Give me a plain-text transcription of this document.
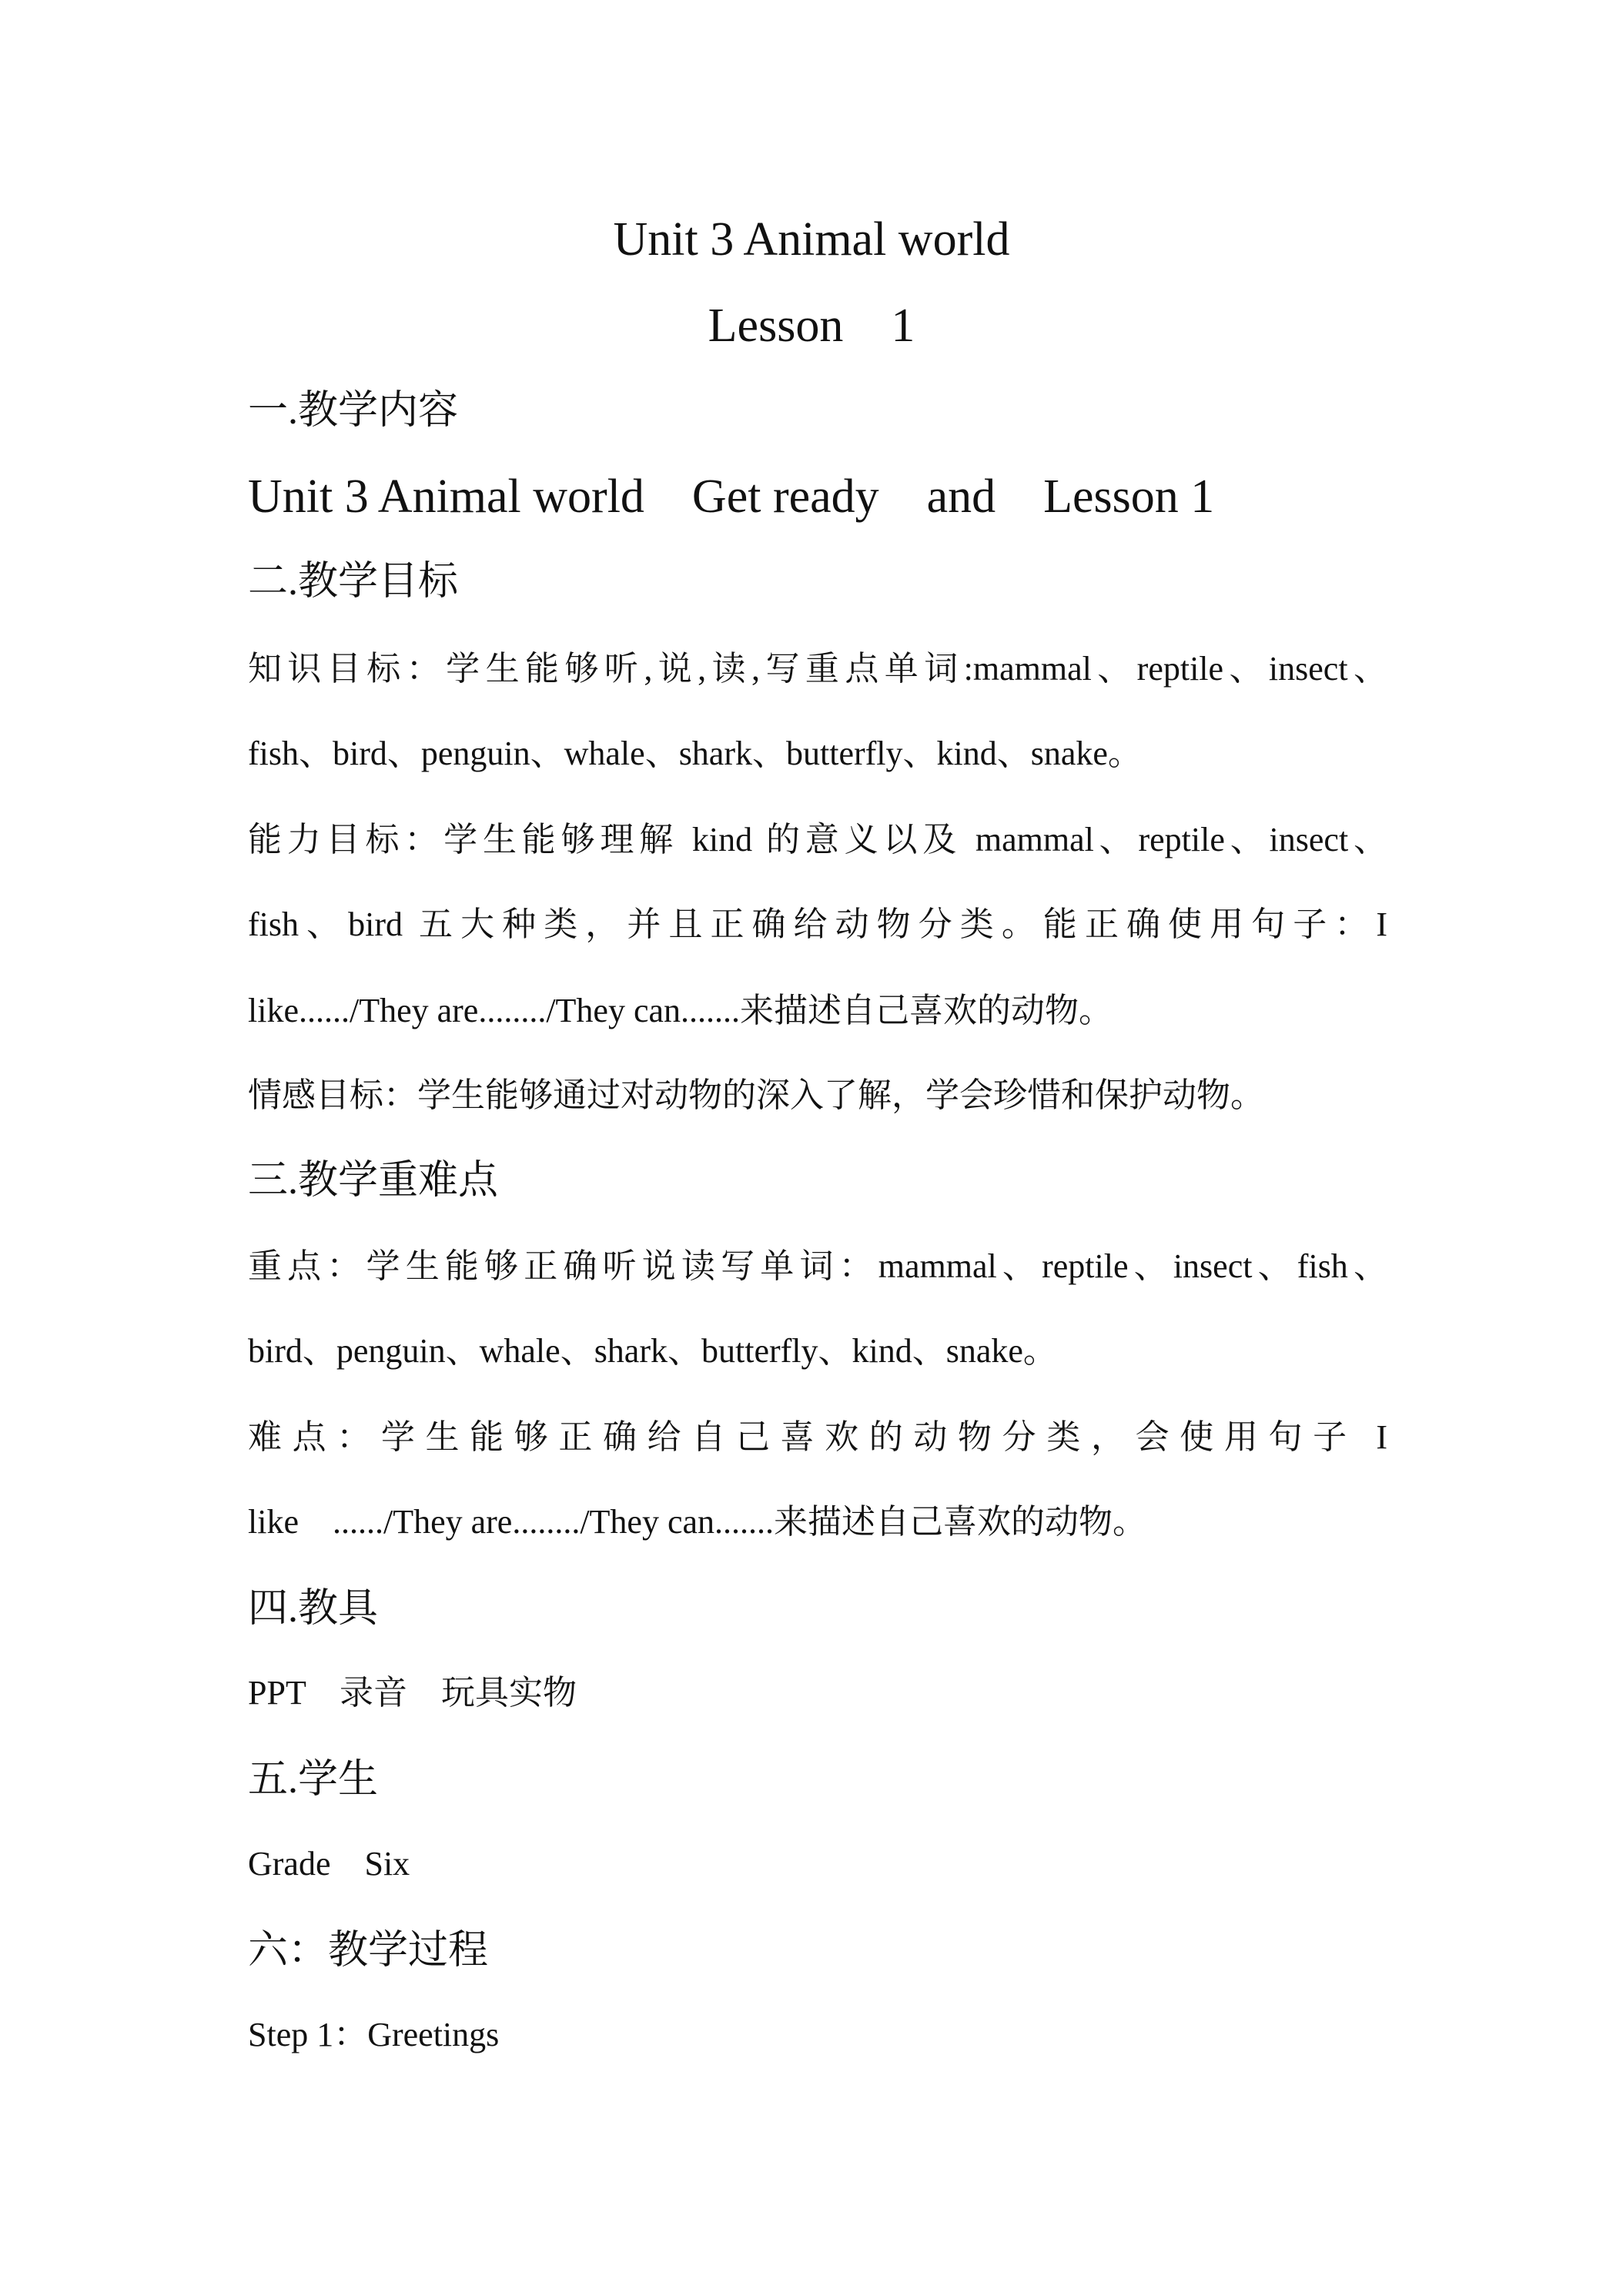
Unit 3 Animal world
Lesson    1
一.教学内容
Unit 3 Animal world    Get ready    and    Lesson 1
二.教学目标
知识目标：学生能够听,说,读,写重点单词:mammal、reptile、insect、
fish、bird、penguin、whale、shark、butterfly、kind、snake。
能力目标：学生能够理解 kind 的意义以及 mammal、reptile、insect、
fish、bird 五大种类，并且正确给动物分类。能正确使用句子：I
like....../They are......../They can.......来描述自己喜欢的动物。
情感目标：学生能够通过对动物的深入了解，学会珍惜和保护动物。
三.教学重难点
重点：学生能够正确听说读写单词：mammal、reptile、insect、fish、
bird、penguin、whale、shark、butterfly、kind、snake。
难点：学生能够正确给自己喜欢的动物分类，会使用句子 I
like    ....../They are......../They can.......来描述自己喜欢的动物。
四.教具
PPT    录音    玩具实物
五.学生
Grade    Six
六：教学过程
Step 1：Greetings
